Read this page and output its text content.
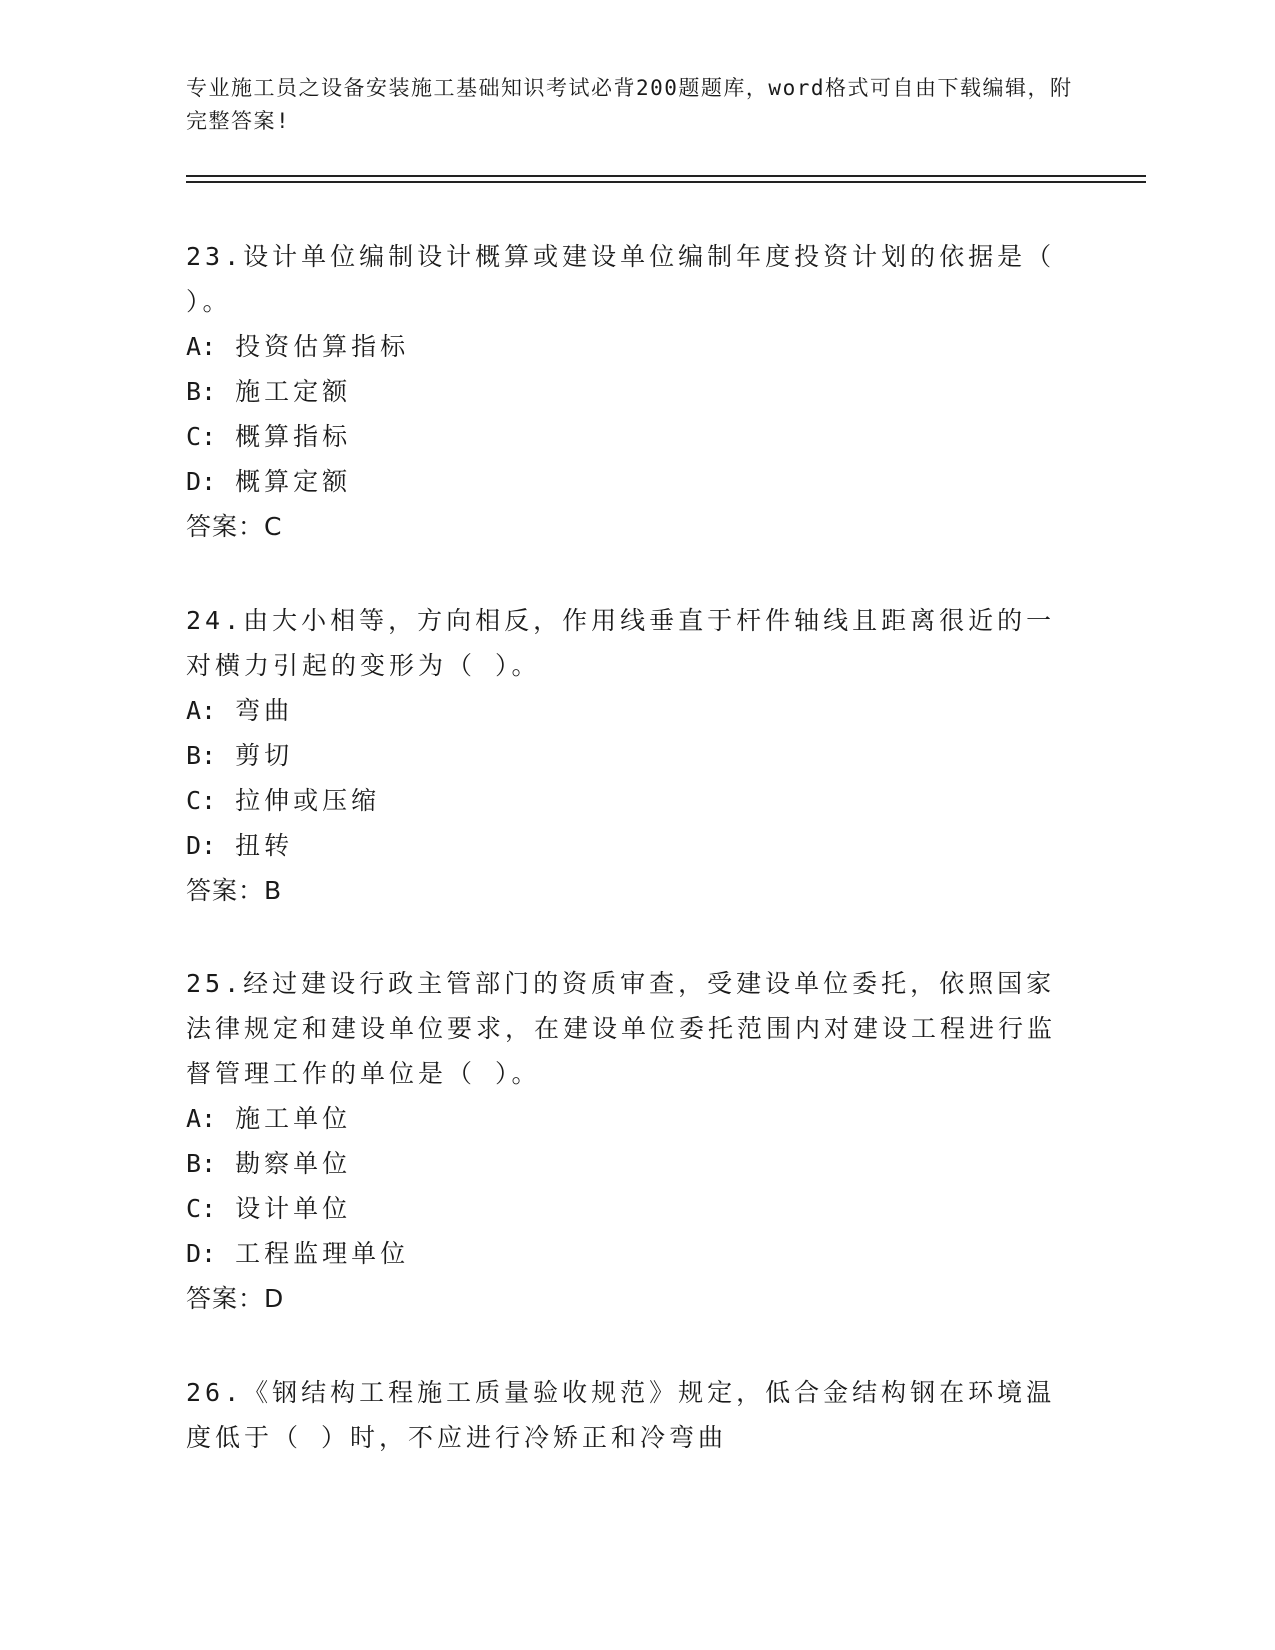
专业施工员之设备安装施工基础知识考试必背200题题库，word格式可自由下载编辑，附完整答案!

23.设计单位编制设计概算或建设单位编制年度投资计划的依据是（ ）。

A: 投资估算指标

B: 施工定额

C: 概算指标

D: 概算定额

答案：C

24.由大小相等，方向相反，作用线垂直于杆件轴线且距离很近的一对横力引起的变形为（ ）。

A: 弯曲

B: 剪切

C: 拉伸或压缩

D: 扭转

答案：B

25.经过建设行政主管部门的资质审查，受建设单位委托，依照国家法律规定和建设单位要求，在建设单位委托范围内对建设工程进行监督管理工作的单位是（ ）。

A: 施工单位

B: 勘察单位

C: 设计单位

D: 工程监理单位

答案：D

26.《钢结构工程施工质量验收规范》规定，低合金结构钢在环境温度低于（ ）时，不应进行冷矫正和冷弯曲
